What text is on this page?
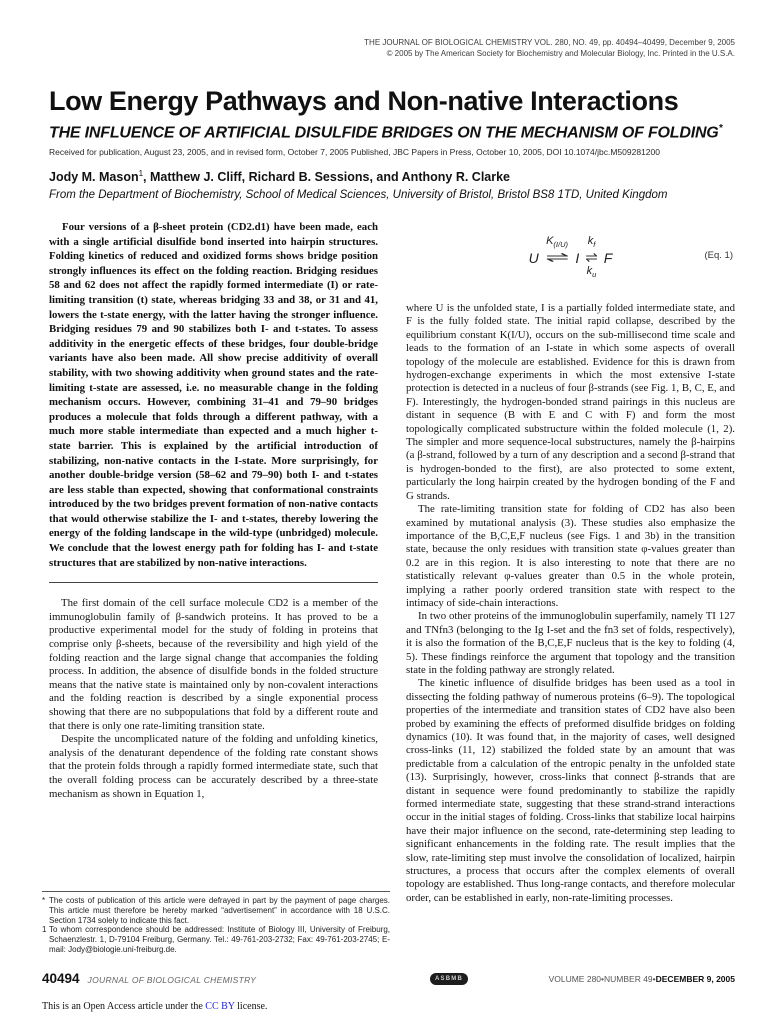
THE JOURNAL OF BIOLOGICAL CHEMISTRY VOL. 280, NO. 49, pp. 40494–40499, December 9, 2005
© 2005 by The American Society for Biochemistry and Molecular Biology, Inc. Printed in the U.S.A.
Low Energy Pathways and Non-native Interactions
THE INFLUENCE OF ARTIFICIAL DISULFIDE BRIDGES ON THE MECHANISM OF FOLDING*
Received for publication, August 23, 2005, and in revised form, October 7, 2005 Published, JBC Papers in Press, October 10, 2005, DOI 10.1074/jbc.M509281200
Jody M. Mason$^1$, Matthew J. Cliff, Richard B. Sessions, and Anthony R. Clarke
From the Department of Biochemistry, School of Medical Sciences, University of Bristol, Bristol BS8 1TD, United Kingdom
Four versions of a β-sheet protein (CD2.d1) have been made, each with a single artificial disulfide bond inserted into hairpin structures. Folding kinetics of reduced and oxidized forms shows bridge position strongly influences its effect on the folding reaction. Bridging residues 58 and 62 does not affect the rapidly formed intermediate (I) or rate-limiting transition (t) state, whereas bridging 33 and 38, or 31 and 41, lowers the t-state energy, with the latter having the stronger influence. Bridging residues 79 and 90 stabilizes both I- and t-states. To assess additivity in the energetic effects of these bridges, four double-bridge variants have also been made. All show precise additivity of overall stability, with two showing additivity when ground states and the rate-limiting t-state are assessed, i.e. no measurable change in the folding mechanism occurs. However, combining 31–41 and 79–90 bridges produces a molecule that folds through a different pathway, with a much more stable intermediate than expected and a much higher t-state barrier. This is explained by the artificial introduction of stabilizing, non-native contacts in the I-state. More surprisingly, for another double-bridge version (58–62 and 79–90) both I- and t-states are less stable than expected, showing that conformational constraints introduced by the two bridges prevent formation of non-native contacts that would otherwise stabilize the I- and t-states, thereby lowering the energy of the folding landscape in the wild-type (unbridged) molecule. We conclude that the lowest energy path for folding has I- and t-state structures that are stabilized by non-native interactions.

The first domain of the cell surface molecule CD2 is a member of the immunoglobulin family of β-sandwich proteins. It has proved to be a productive experimental model for the study of folding in proteins that comprise only β-sheets, because of the reversibility and high yield of the folding reaction and the large signal change that accompanies the folding process. In addition, the absence of disulfide bonds in the folded structure means that the native state is maintained only by non-covalent interactions and the folding reaction is described by a single exponential process showing that there are no subpopulations that fold by a different route and that there is only one rate-limiting transition state.

Despite the uncomplicated nature of the folding and unfolding kinetics, analysis of the denaturant dependence of the folding rate constant shows that the protein folds through a rapidly formed intermediate state, such that the overall folding process can be accurately described by a three-state mechanism as shown in Equation 1,

U
$K_{(I/U)}$
⇌
I
$k_f$
⇌
$k_u$
F	(Eq. 1)

where U is the unfolded state, I is a partially folded intermediate state, and F is the fully folded state. The initial rapid collapse, described by the equilibrium constant K(I/U), occurs on the sub-millisecond time scale and leads to the formation of an I-state in which some aspects of overall topology of the molecule are established. Evidence for this is drawn from hydrogen-exchange experiments in which the most extensive I-state protection is detected in a nucleus of four β-strands (see Fig. 1, B, C, E, and F). Interestingly, the hydrogen-bonded strand pairings in this nucleus are distant in sequence (B with E and C with F) and form the most topologically complicated substructure within the folded molecule (1, 2). The simpler and more sequence-local substructures, namely the β-hairpins (a β-strand, followed by a turn of any description and a second β-strand that is hydrogen-bonded to the first), are also protected to some extent, particularly the long hairpin created by the hydrogen bonding of the F and G strands.

The rate-limiting transition state for folding of CD2 has also been examined by mutational analysis (3). These studies also emphasize the importance of the B,C,E,F nucleus (see Figs. 1 and 3b) in the transition state, because the only residues with transition state φ-values greater than 0.2 are in this region. It is also interesting to note that there are no statistically relevant φ-values greater than 0.5 in the whole protein, implying a rather poorly ordered transition state with respect to the intimacy of side-chain interactions.

In two other proteins of the immunoglobulin superfamily, namely TI 127 and TNfn3 (belonging to the Ig I-set and the fn3 set of folds, respectively), it is also the formation of the B,C,E,F nucleus that is the key to folding (4, 5). These findings reinforce the argument that topology and the transition state in the folding pathway are strongly related.

The kinetic influence of disulfide bridges has been used as a tool in dissecting the folding pathway of numerous proteins (6–9). The topological properties of the intermediate and transition states of CD2 have also been probed by examining the effects of preformed disulfide bridges on folding dynamics (10). It was found that, in the majority of cases, well designed cross-links (11, 12) stabilized the folded state by an amount that was predictable from a calculation of the entropic penalty in the unfolded state (13). Surprisingly, however, cross-links that connect β-strands that are distant in sequence were found predominantly to stabilize the rapidly formed intermediate state, suggesting that these strand-strand interactions occur in the initial stages of folding. Cross-links that stabilize local hairpins have their major influence on the second, rate-determining step leading to significant enhancements in the folding rate. The result implies that the slow, rate-limiting step must involve the consolidation of localized, hairpin structures, a process that occurs after the complex elements of overall topology are established. Thus long-range contacts, and therefore molecular order, can be established in early, non-rate-limiting processes.

* The costs of publication of this article were defrayed in part by the payment of page charges. This article must therefore be hereby marked “advertisement” in accordance with 18 U.S.C. Section 1734 solely to indicate this fact.
1 To whom correspondence should be addressed: Institute of Biology III, University of Freiburg, Schaenzlestr. 1, D-79104 Freiburg, Germany. Tel.: 49-761-203-2732; Fax: 49-761-203-2745; E-mail: Jody@biologie.uni-freiburg.de.
40494 JOURNAL OF BIOLOGICAL CHEMISTRY	ASBMB	VOLUME 280•NUMBER 49•DECEMBER 9, 2005
This is an Open Access article under the CC BY license.
